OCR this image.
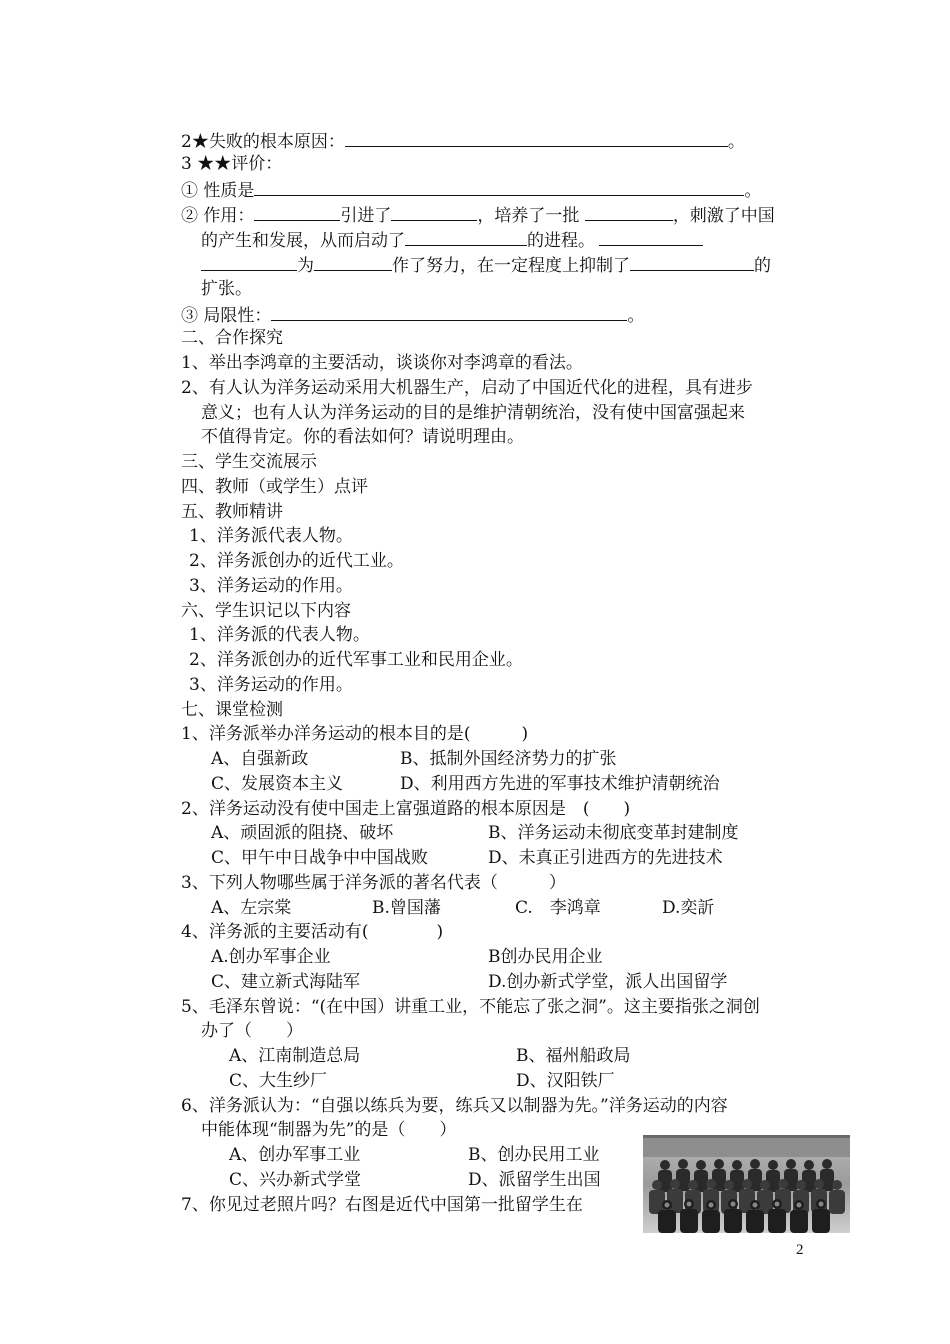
2★失败的根本原因：	。
3 ★★评价：
① 性质是	。
② 作用：	引进了	，培养了一批	，刺激了中国
的产生和发展，从而启动了	的进程。
为	作了努力，在一定程度上抑制了	的
扩张。
③ 局限性：	。
二、合作探究
1、举出李鸿章的主要活动，谈谈你对李鸿章的看法。
2、有人认为洋务运动采用大机器生产，启动了中国近代化的进程，具有进步
意义；也有人认为洋务运动的目的是维护清朝统治，没有使中国富强起来
不值得肯定。你的看法如何？请说明理由。
三、学生交流展示
四、教师（或学生）点评
五、教师精讲
1、洋务派代表人物。
2、洋务派创办的近代工业。
3、洋务运动的作用。
六、学生识记以下内容
1、洋务派的代表人物。
2、洋务派创办的近代军事工业和民用企业。
3、洋务运动的作用。
七、课堂检测
1、洋务派举办洋务运动的根本目的是(　　　)
A、自强新政	B、抵制外国经济势力的扩张
C、发展资本主义	D、利用西方先进的军事技术维护清朝统治
2、洋务运动没有使中国走上富强道路的根本原因是　(　　)
A、顽固派的阻挠、破坏	B、洋务运动未彻底变革封建制度
C、甲午中日战争中中国战败	D、未真正引进西方的先进技术
3、下列人物哪些属于洋务派的著名代表（　　　）
A、左宗棠	B.曾国藩	C.　李鸿章	D.奕訢
4、洋务派的主要活动有(　　　　)
A.创办军事企业	B创办民用企业
C、建立新式海陆军	D.创办新式学堂，派人出国留学
5、毛泽东曾说：“(在中国）讲重工业，不能忘了张之洞”。这主要指张之洞创
办了（　　）
A、江南制造总局	B、福州船政局
C、大生纱厂	D、汉阳铁厂
6、洋务派认为：“自强以练兵为要，练兵又以制器为先。”洋务运动的内容
中能体现“制器为先”的是（　　）
A、创办军事工业	B、创办民用工业
C、兴办新式学堂	D、派留学生出国
7、你见过老照片吗？右图是近代中国第一批留学生在
2
